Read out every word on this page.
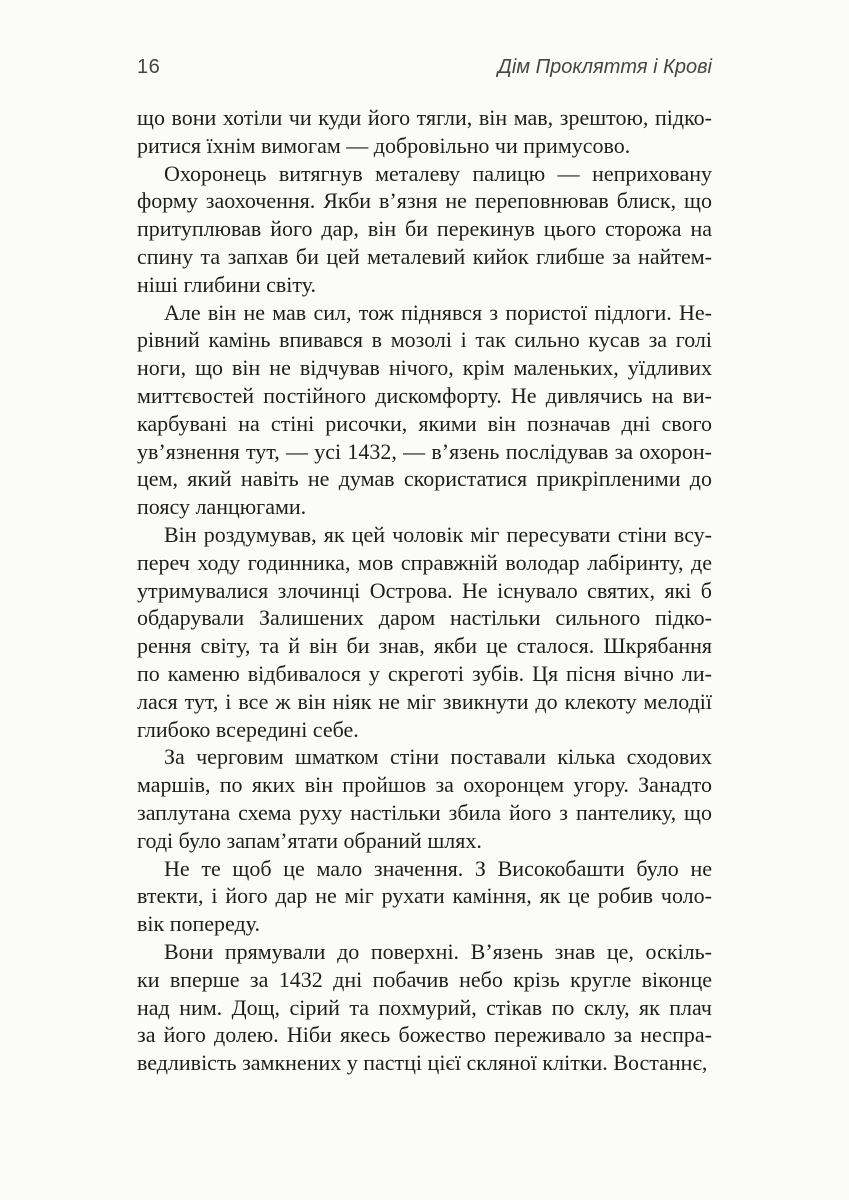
16	Дім Прокляття і Крові
що вони хотіли чи куди його тягли, він мав, зрештою, підко-
ритися їхнім вимогам — добровільно чи примусово.
Охоронець витягнув металеву палицю — неприховану
форму заохочення. Якби в’язня не переповнював блиск, що
притуплював його дар, він би перекинув цього сторожа на
спину та запхав би цей металевий кийок глибше за найтем-
ніші глибини світу.
Але він не мав сил, тож піднявся з пористої підлоги. Не-
рівний камінь впивався в мозолі і так сильно кусав за голі
ноги, що він не відчував нічого, крім маленьких, уїдливих
миттєвостей постійного дискомфорту. Не дивлячись на ви-
карбувані на стіні рисочки, якими він позначав дні свого
ув’язнення тут, — усі 1432, — в’язень послідував за охорон-
цем, який навіть не думав скористатися прикріпленими до
поясу ланцюгами.
Він роздумував, як цей чоловік міг пересувати стіни всу-
переч ходу годинника, мов справжній володар лабіринту, де
утримувалися злочинці Острова. Не існувало святих, які б
обдарували Залишених даром настільки сильного підко-
рення світу, та й він би знав, якби це сталося. Шкрябання
по каменю відбивалося у скреготі зубів. Ця пісня вічно ли-
лася тут, і все ж він ніяк не міг звикнути до клекоту мелодії
глибоко всередині себе.
За черговим шматком стіни поставали кілька сходових
маршів, по яких він пройшов за охоронцем угору. Занадто
заплутана схема руху настільки збила його з пантелику, що
годі було запам’ятати обраний шлях.
Не те щоб це мало значення. З Високобашти було не
втекти, і його дар не міг рухати каміння, як це робив чоло-
вік попереду.
Вони прямували до поверхні. В’язень знав це, оскіль-
ки вперше за 1432 дні побачив небо крізь кругле віконце
над ним. Дощ, сірий та похмурий, стікав по склу, як плач
за його долею. Ніби якесь божество переживало за неспра-
ведливість замкнених у пастці цієї скляної клітки. Востаннє,
